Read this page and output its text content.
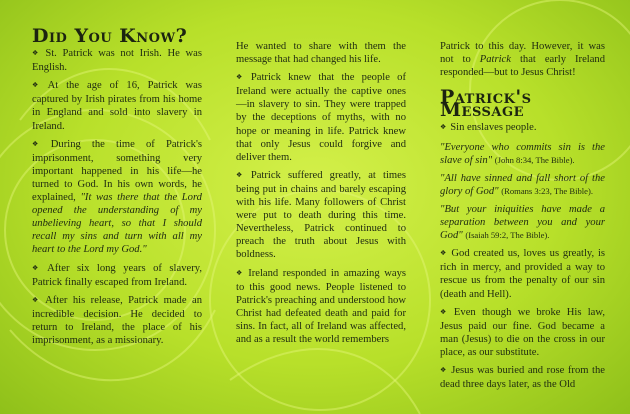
Did You Know?

❖ St. Patrick was not Irish. He was English.

❖ At the age of 16, Patrick was captured by Irish pirates from his home in England and sold into slavery in Ireland.

❖ During the time of Patrick's imprisonment, something very important happened in his life—he turned to God. In his own words, he explained, "It was there that the Lord opened the understanding of my unbelieving heart, so that I should recall my sins and turn with all my heart to the Lord my God."

❖ After six long years of slavery, Patrick finally escaped from Ireland.

❖ After his release, Patrick made an incredible decision. He decided to return to Ireland, the place of his imprisonment, as a missionary.

He wanted to share with them the message that had changed his life.

❖ Patrick knew that the people of Ireland were actually the captive ones—in slavery to sin. They were trapped by the deceptions of myths, with no hope or meaning in life. Patrick knew that only Jesus could forgive and deliver them.

❖ Patrick suffered greatly, at times being put in chains and barely escaping with his life. Many followers of Christ were put to death during this time. Nevertheless, Patrick continued to preach the truth about Jesus with boldness.

❖ Ireland responded in amazing ways to this good news. People listened to Patrick's preaching and understood how Christ had defeated death and paid for sins. In fact, all of Ireland was affected, and as a result the world remembers

Patrick to this day. However, it was not to Patrick that early Ireland responded—but to Jesus Christ!

Patrick's Message

❖ Sin enslaves people.

"Everyone who commits sin is the slave of sin" (John 8:34, The Bible).

"All have sinned and fall short of the glory of God" (Romans 3:23, The Bible).

"But your iniquities have made a separation between you and your God" (Isaiah 59:2, The Bible).

❖ God created us, loves us greatly, is rich in mercy, and provided a way to rescue us from the penalty of our sin (death and Hell).

❖ Even though we broke His law, Jesus paid our fine. God became a man (Jesus) to die on the cross in our place, as our substitute.

❖ Jesus was buried and rose from the dead three days later, as the Old
